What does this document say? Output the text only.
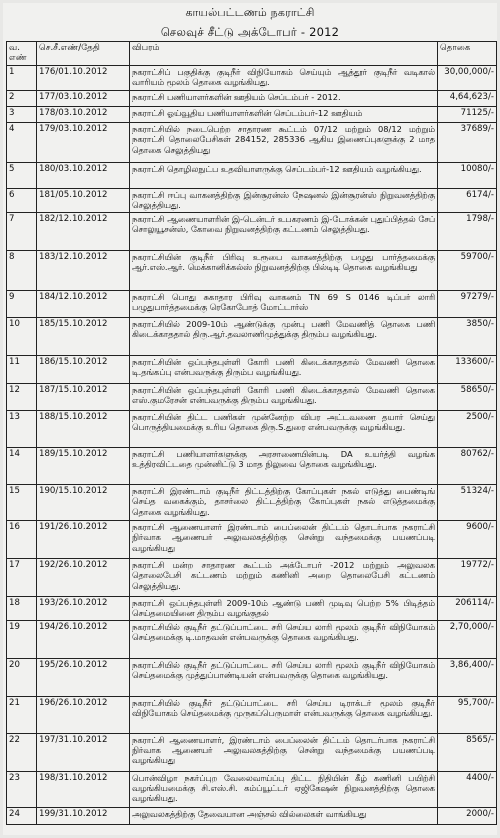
காயல்பட்டணம் நகராட்சி
செலவுச் சீட்டு அக்டோபர் - 2012
வ. எண்	செ.சீ.எண்/தேதி	விபரம்	தொகை
1	176/01.10.2012	நகராட்சிப் பகுதிக்கு குடிநீர் விநியோகம் செய்யும் ஆத்தூர் குடிநீர் வடிகால் வாரியம் மூலம் தொகை வழங்கியது.	30,00,000/-
2	177/03.10.2012	நகராட்சி பணியாளர்களின் ஊதியம் செப்டம்பர் - 2012.	4,64,623/-
3	178/03.10.2012	நகராட்சி ஓய்வூதிய பணியாளர்களின் செப்டம்பர்-12 ஊதியம்	71125/-
4	179/03.10.2012	நகராட்சியில் நடைபெற்ற சாதாரண கூட்டம் 07/12 மற்றும் 08/12 மற்றும் நகராட்சி தொலைபேசிகள் 284152, 285336 ஆகிய இணைப்புகளுக்கு 2 மாத தொகை செலுத்தியது	37689/-
5	180/03.10.2012	நகராட்சி தொழிலநுட்ப உதவியாளருக்கு செப்டம்பர்-12 ஊதியம் வழங்கியது.	10080/-
6	181/05.10.2012	நகராட்சி ஈப்பு வாகனத்திற்கு இன்சூரன்ஸ் நேஷனல் இன்சூரன்ஸ் நிறுவனத்திற்கு செலுத்தியது.	6174/-
7	182/12.10.2012	நகராட்சி ஆணையாளரின் இ-டென்டர் உபகரணம் இ-டோக்கன் புதுப்பித்தல் சேப் சொலுயூசன்ஸ், கோவை நிறுவனத்திற்கு கட்டணம் செலுத்தியது.	1798/-
8	183/12.10.2012	நகராட்சியின் குடிநீர் பிரிவு உரூபை வாகனத்திற்கு பழுது பார்த்தமைக்கு ஆர்.எஸ்.ஆர். மெக்கானிக்கல்ஸ் நிறுவனத்திற்கு பில்டிடி தொகை வழங்கியது	59700/-
9	184/12.10.2012	நகராட்சி பொது சுகாதார பிரிவு வாகனம் TN 69 S 0146 டிப்பர் லாரி பழுதுபார்த்தமைக்கு ரெகோபோத் மோட்டார்ஸ்	97279/-
10	185/15.10.2012	நகராட்சியில் 2009-10ம் ஆண்டுக்கு முன்பு பணி மேவணித் தொகை பணி கிடைக்காததால் திரு.ஆர்.தவலாணிமுத்துக்கு திரும்ப வழங்கியது.	3850/-
11	186/15.10.2012	நகராட்சியின் ஒப்பந்தபுள்ளி கோரி பணி கிடைக்காததால் மேவணி தொகை டி.தங்கப்பு என்பவருக்கு திரும்ப வழங்கியது.	133600/-
12	187/15.10.2012	நகராட்சியின் ஒப்பந்தபுள்ளி கோரி பணி கிடைக்காததால் மேவணி தொகை எஸ்.குமரேசன் என்பவருக்கு திரும்ப வழங்கியது.	58650/-
13	188/15.10.2012	நகராட்சியின் திட்ட பணிகள் முன்னேற்ற விபர அட்டவணை தயார் செய்து பொருத்தியமைக்கு உரிய தொகை திரு.S.துரை என்பவருக்கு வழங்கியது.	2500/-
14	189/15.10.2012	நகராட்சி பணியாளர்களுக்கு அரசாணையின்படி DA உயர்த்தி வழங்க உத்திரவிட்டதை முன்னிட்டு 3 மாத நிலுவை தொகை வழங்கியது.	80762/-
15	190/15.10.2012	நகராட்சி இரண்டாம் குடிநீர் திட்டத்திற்கு கோப்புகள் நகல் எடுத்து பைண்டிங் செய்த வகைக்கும், தாசர்லை திட்டத்திற்கு கோப்புகள் நகல் எடுத்தமைக்கு தொகை வழங்கியது.	51324/-
16	191/26.10.2012	நகராட்சி ஆணையாளர் இரண்டாம் பைப்லைன் திட்டம் தொடர்பாக நகராட்சி நிர்வாக ஆணையர் அலுவலகத்திற்கு சென்று வந்தமைக்கு பயணப்படி வழங்கியது	9600/-
17	192/26.10.2012	நகராட்சி மன்ற சாதாரண கூட்டம் அக்டோபர் -2012 மற்றும் அலுவலக தொலைபேசி கட்டணம் மற்றும் கணினி அறை தொலைபேசி கட்டணம் செலுத்தியது.	19772/-
18	193/26.10.2012	நகராட்சி ஒப்பந்தபுள்ளி 2009-10ம் ஆண்டு பணி முடிவு பெற்ற 5% பிடித்தம் செய்தமையினை திரும்ப வழங்குதல்	206114/-
19	194/26.10.2012	நகராட்சியில் குடிநீர் தட்டுப்பாட்டை சரி செய்ய லாரி மூலம் குடிநீர் விநியோகம் செய்தமைக்கு டி.மாதவன் என்பவருக்கு தொகை வழங்கியது.	2,70,000/-
20	195/26.10.2012	நகராட்சியில் குடிநீர் தட்டுப்பாட்டை சரி செய்ய லாரி மூலம் குடிநீர் விநியோகம் செய்தமைக்கு முத்துப்பாண்டியன் என்பவருக்கு தொகை வழங்கியது.	3,86,400/-
21	196/26.10.2012	நகராட்சியில் குடிநீர் தட்டுப்பாட்டை சரி செய்ய டிராக்டர் மூலம் குடிநீர் விநியோகம் செய்தமைக்கு முருகப்பெருமாள் என்பவருக்கு தொகை வழங்கியது.	95,700/-
22	197/31.10.2012	நகராட்சி ஆணையாளர், இரண்டாம் பைப்லைன் திட்டம் தொடர்பாக நகராட்சி நிர்வாக ஆணையர் அலுவலகத்திற்கு சென்று வந்தமைக்கு பயணப்படி வழங்கியது	8565/-
23	198/31.10.2012	பொன்விழா நகர்ப்புற வேலைவாய்ப்பு திட்ட நிதியின் கீழ் கணினி பயிற்சி வழங்கியமைக்கு சி.எஸ்.சி. கம்ப்யூட்டர் ஏஜிகேஷன் நிறுவனத்திற்கு தொகை வழங்கியது.	4400/-
24	199/31.10.2012	அலுவலகத்திற்கு தேவையான அஞ்சல் வில்லைகள் வாங்கியது	2000/-
